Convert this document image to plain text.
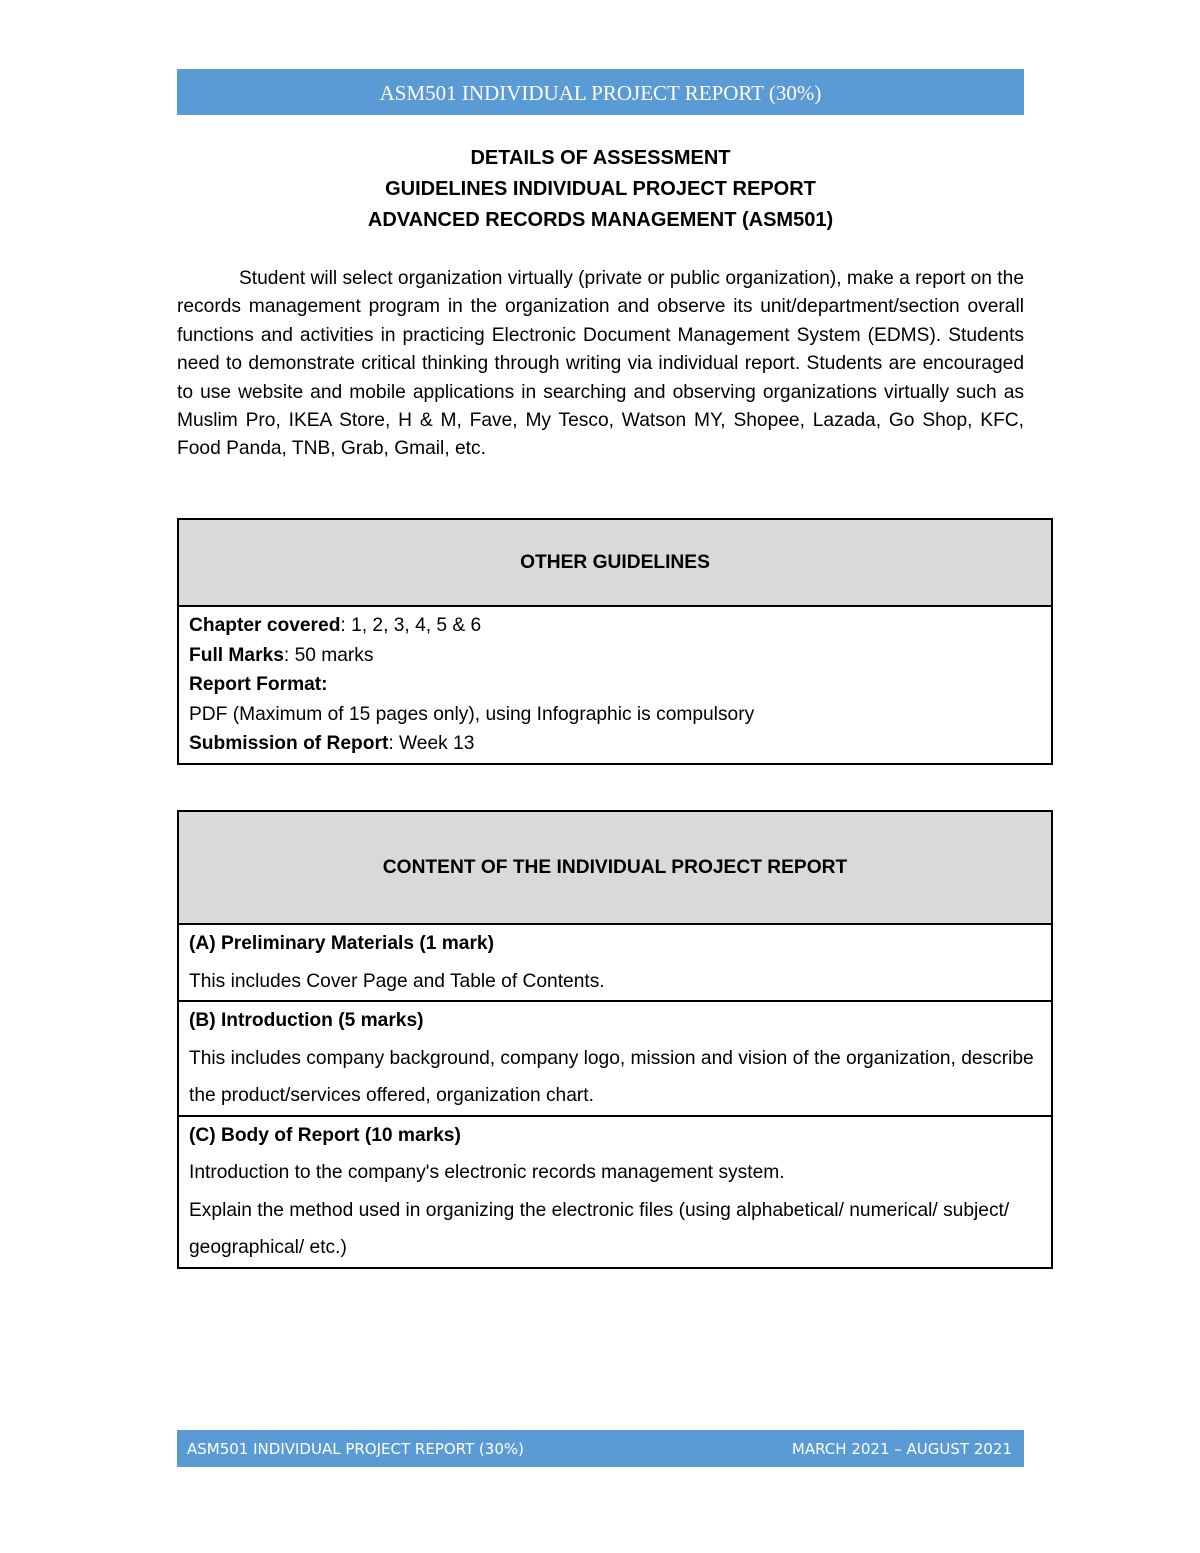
ASM501 INDIVIDUAL PROJECT REPORT (30%)
DETAILS OF ASSESSMENT
GUIDELINES INDIVIDUAL PROJECT REPORT
ADVANCED RECORDS MANAGEMENT (ASM501)

Student will select organization virtually (private or public organization), make a report on the records management program in the organization and observe its unit/department/section overall functions and activities in practicing Electronic Document Management System (EDMS). Students need to demonstrate critical thinking through writing via individual report. Students are encouraged to use website and mobile applications in searching and observing organizations virtually such as Muslim Pro, IKEA Store, H & M, Fave, My Tesco, Watson MY, Shopee, Lazada, Go Shop, KFC, Food Panda, TNB, Grab, Gmail, etc.

OTHER GUIDELINES

Chapter covered: 1, 2, 3, 4, 5 & 6
Full Marks: 50 marks
Report Format:
PDF (Maximum of 15 pages only), using Infographic is compulsory
Submission of Report: Week 13
CONTENT OF THE INDIVIDUAL PROJECT REPORT

(A) Preliminary Materials (1 mark)
This includes Cover Page and Table of Contents.

(B) Introduction (5 marks)
This includes company background, company logo, mission and vision of the organization, describe the product/services offered, organization chart.

(C) Body of Report (10 marks)
Introduction to the company's electronic records management system.
Explain the method used in organizing the electronic files (using alphabetical/ numerical/ subject/ geographical/ etc.)
ASM501 INDIVIDUAL PROJECT REPORT (30%)	MARCH 2021 – AUGUST 2021
